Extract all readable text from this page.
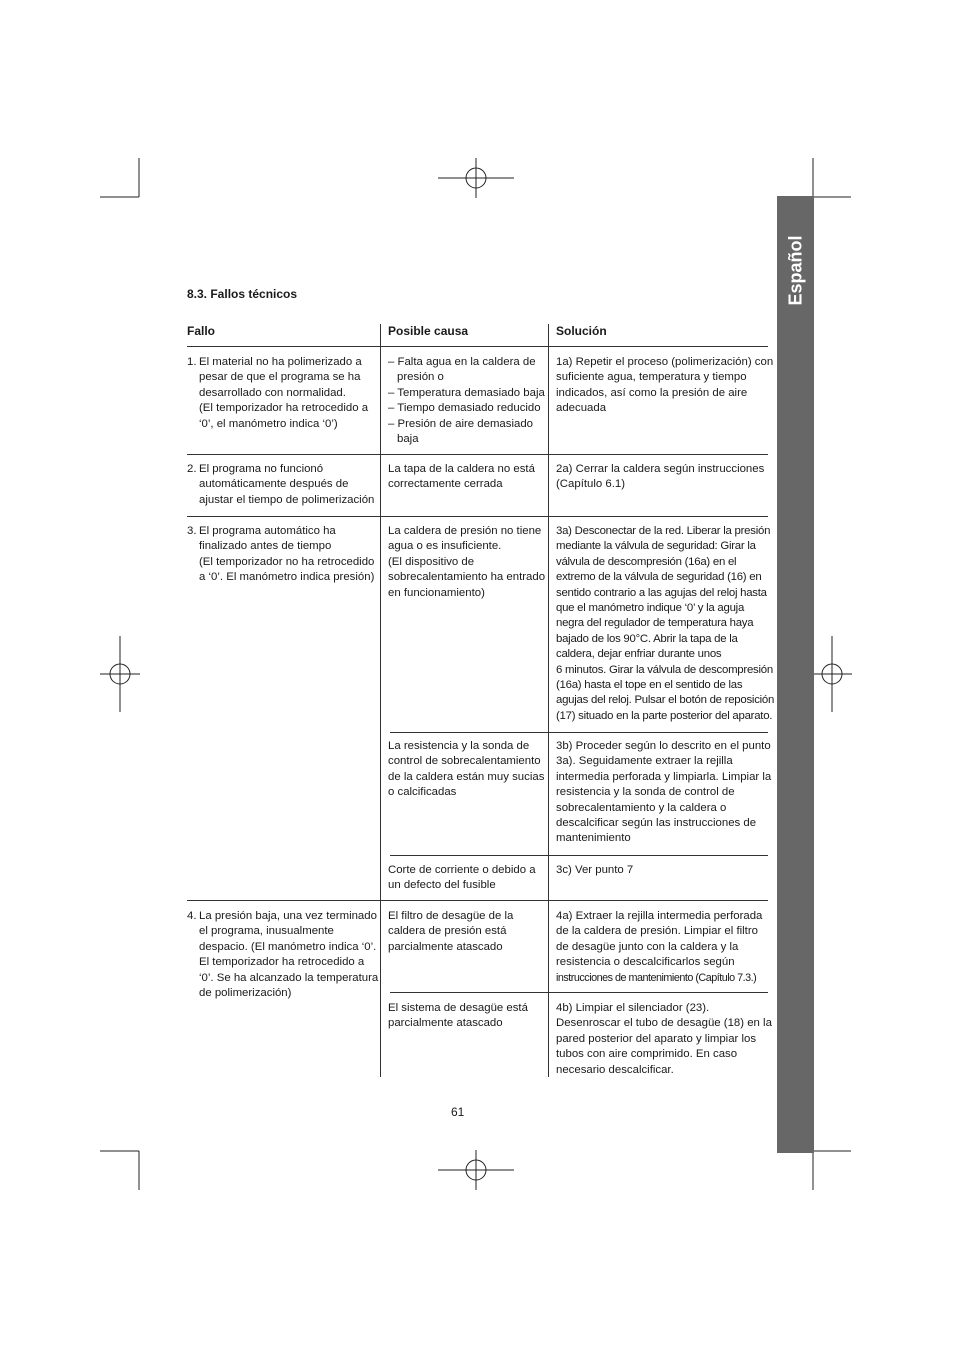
Español
8.3. Fallos técnicos
Fallo	Posible causa	Solución
1. El material no ha polimerizado a
pesar de que el programa se ha
desarrollado con normalidad.
(El temporizador ha retrocedido a
‘0’, el manómetro indica ‘0’)
– Falta agua en la caldera de
presión o
– Temperatura demasiado baja
– Tiempo demasiado reducido
– Presión de aire demasiado
baja
1a) Repetir el proceso (polimerización) con
suficiente agua, temperatura y tiempo
indicados, así como la presión de aire
adecuada
2. El programa no funcionó
automáticamente después de
ajustar el tiempo de polimerización
La tapa de la caldera no está
correctamente cerrada
2a) Cerrar la caldera según instrucciones
(Capítulo 6.1)
3. El programa automático ha
finalizado antes de tiempo
(El temporizador no ha retrocedido
a ‘0’. El manómetro indica presión)
La caldera de presión no tiene
agua o es insuficiente.
(El dispositivo de
sobrecalentamiento ha entrado
en funcionamiento)
3a) Desconectar de la red. Liberar la presión
mediante la válvula de seguridad: Girar la
válvula de descompresión (16a) en el
extremo de la válvula de seguridad (16) en
sentido contrario a las agujas del reloj hasta
que el manómetro indique ‘0’ y la aguja
negra del regulador de temperatura haya
bajado de los 90°C. Abrir la tapa de la
caldera, dejar enfriar durante unos
6 minutos. Girar la válvula de descompresión
(16a) hasta el tope en el sentido de las
agujas del reloj. Pulsar el botón de reposición
(17) situado en la parte posterior del aparato.
La resistencia y la sonda de
control de sobrecalentamiento
de la caldera están muy sucias
o calcificadas
3b) Proceder según lo descrito en el punto
3a). Seguidamente extraer la rejilla
intermedia perforada y limpiarla. Limpiar la
resistencia y la sonda de control de
sobrecalentamiento y la caldera o
descalcificar según las instrucciones de
mantenimiento
Corte de corriente o debido a
un defecto del fusible
3c) Ver punto 7
4. La presión baja, una vez terminado
el programa, inusualmente
despacio. (El manómetro indica ‘0’.
El temporizador ha retrocedido a
‘0’. Se ha alcanzado la temperatura
de polimerización)
El filtro de desagüe de la
caldera de presión está
parcialmente atascado
4a) Extraer la rejilla intermedia perforada
de la caldera de presión. Limpiar el filtro
de desagüe junto con la caldera y la
resistencia o descalcificarlos según
instrucciones de mantenimiento (Capítulo 7.3.)
El sistema de desagüe está
parcialmente atascado
4b) Limpiar el silenciador (23).
Desenroscar el tubo de desagüe (18) en la
pared posterior del aparato y limpiar los
tubos con aire comprimido. En caso
necesario descalcificar.
61
